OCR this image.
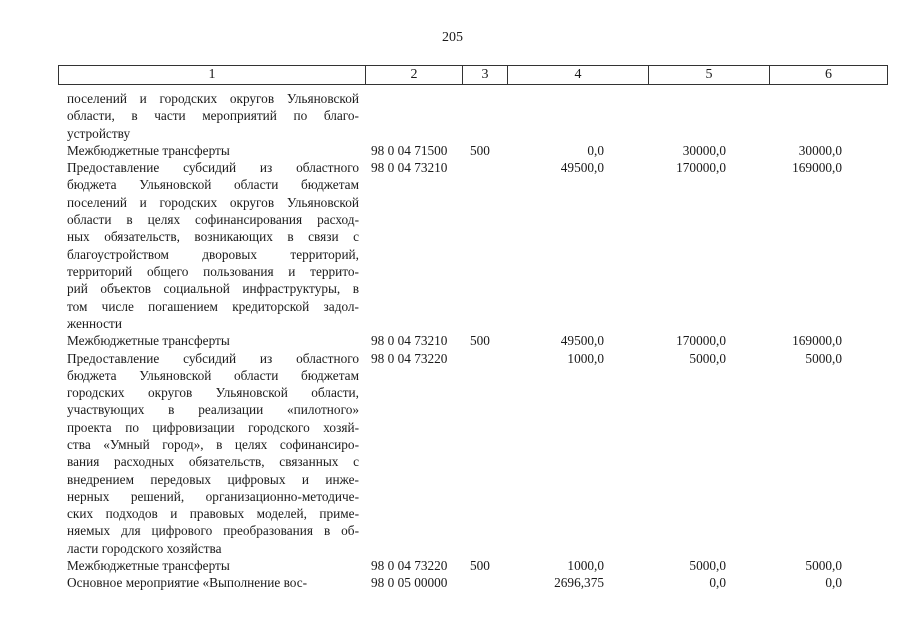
205
1	2	3	4	5	6
поселений и городских округов Ульяновской
области, в части мероприятий по благо-
устройству
Межбюджетные трансферты	98 0 04 71500 500	0,0	30000,0	30000,0
Предоставление субсидий из областного
бюджета Ульяновской области бюджетам
поселений и городских округов Ульяновской
области в целях софинансирования расход-
ных обязательств, возникающих в связи с
благоустройством дворовых территорий,
территорий общего пользования и террито-
рий объектов социальной инфраструктуры, в
том числе погашением кредиторской задол-
женности
98 0 04 73210	49500,0	170000,0	169000,0
Межбюджетные трансферты	98 0 04 73210 500	49500,0	170000,0	169000,0
Предоставление субсидий из областного
бюджета Ульяновской области бюджетам
городских округов Ульяновской области,
участвующих в реализации «пилотного»
проекта по цифровизации городского хозяй-
ства «Умный город», в целях софинансиро-
вания расходных обязательств, связанных с
внедрением передовых цифровых и инже-
нерных решений, организационно-методиче-
ских подходов и правовых моделей, приме-
няемых для цифрового преобразования в об-
ласти городского хозяйства
98 0 04 73220	1000,0	5000,0	5000,0
Межбюджетные трансферты	98 0 04 73220 500	1000,0	5000,0	5000,0
Основное мероприятие «Выполнение вос-	98 0 05 00000	2696,375	0,0	0,0
